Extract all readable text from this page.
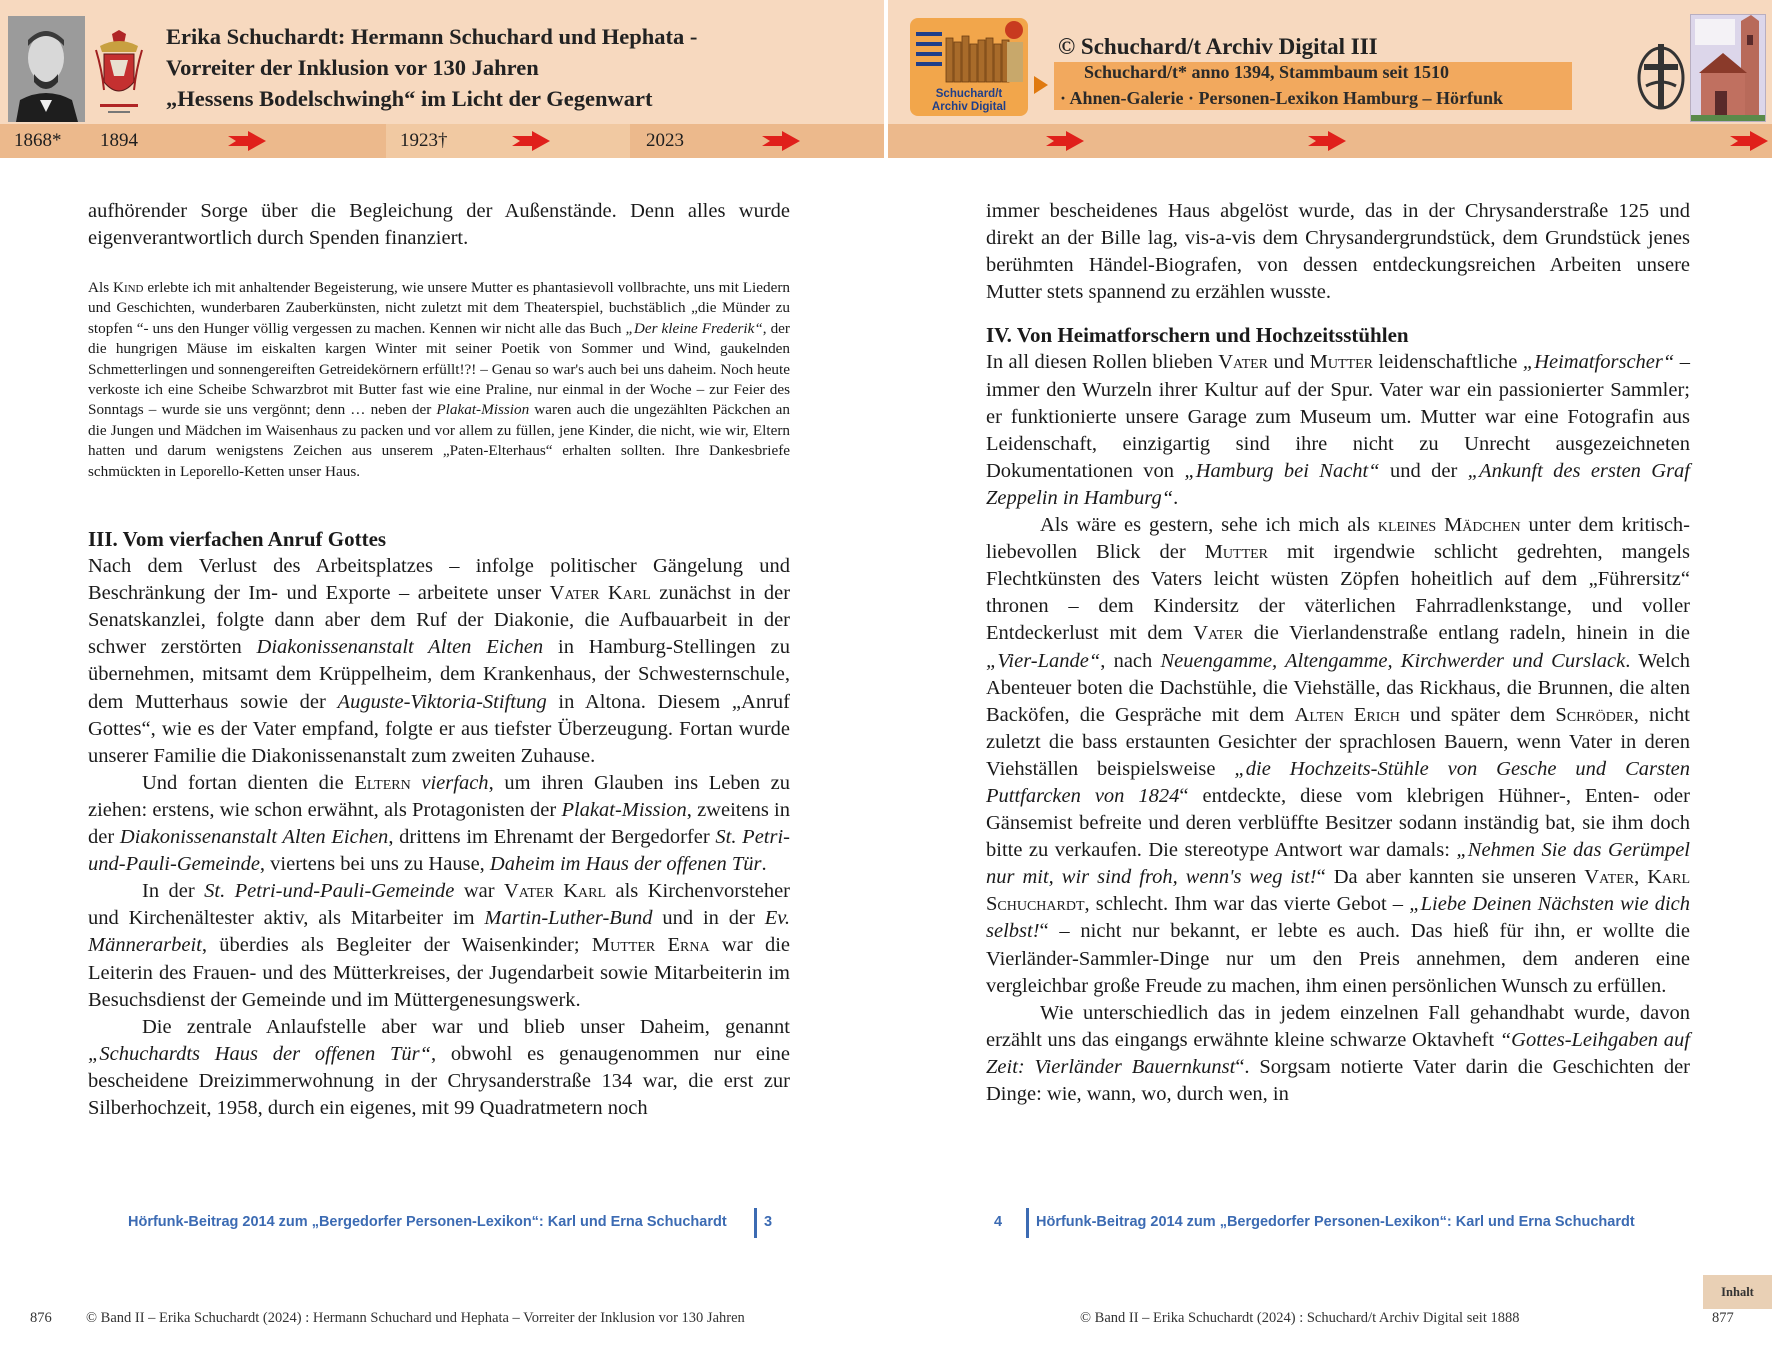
Erika Schuchardt: Hermann Schuchard und Hephata -
Vorreiter der Inklusion vor 130 Jahren
„Hessens Bodelschwingh“ im Licht der Gegenwart
1868* 1894	1923†	2023
Schuchard/t
Archiv Digital
© Schuchard/t Archiv Digital III
Schuchard/t* anno 1394, Stammbaum seit 1510
· Ahnen-Galerie · Personen-Lexikon Hamburg – Hörfunk

aufhörender Sorge über die Begleichung der Außenstände. Denn alles wurde eigenverantwortlich durch Spenden finanziert.

Als Kind erlebte ich mit anhaltender Begeisterung, wie unsere Mutter es phantasievoll vollbrachte, uns mit Liedern und Geschichten, wunderbaren Zauberkünsten, nicht zuletzt mit dem Theaterspiel, buchstäblich „die Münder zu stopfen “- uns den Hunger völlig vergessen zu machen. Kennen wir nicht alle das Buch „Der kleine Frederik“, der die hungrigen Mäuse im eiskalten kargen Winter mit seiner Poetik von Sommer und Wind, gaukelnden Schmetterlingen und sonnengereiften Getreidekörnern erfüllt!?! – Genau so war's auch bei uns daheim. Noch heute verkoste ich eine Scheibe Schwarzbrot mit Butter fast wie eine Praline, nur einmal in der Woche – zur Feier des Sonntags – wurde sie uns vergönnt; denn … neben der Plakat-Mission waren auch die ungezählten Päckchen an die Jungen und Mädchen im Waisenhaus zu packen und vor allem zu füllen, jene Kinder, die nicht, wie wir, Eltern hatten und darum wenigstens Zeichen aus unserem „Paten-Elterhaus“ erhalten sollten. Ihre Dankesbriefe schmückten in Leporello-Ketten unser Haus.

III. Vom vierfachen Anruf Gottes

Nach dem Verlust des Arbeitsplatzes – infolge politischer Gängelung und Beschränkung der Im- und Exporte – arbeitete unser Vater Karl zunächst in der Senatskanzlei, folgte dann aber dem Ruf der Diakonie, die Aufbauarbeit in der schwer zerstörten Diakonissenanstalt Alten Eichen in Hamburg-Stellingen zu übernehmen, mitsamt dem Krüppelheim, dem Krankenhaus, der Schwesternschule, dem Mutterhaus sowie der Auguste-Viktoria-Stiftung in Altona. Diesem „Anruf Gottes“, wie es der Vater empfand, folgte er aus tiefster Überzeugung. Fortan wurde unserer Familie die Diakonissenanstalt zum zweiten Zuhause.

Und fortan dienten die Eltern vierfach, um ihren Glauben ins Leben zu ziehen: erstens, wie schon erwähnt, als Protagonisten der Plakat-Mission, zweitens in der Diakonissenanstalt Alten Eichen, drittens im Ehrenamt der Bergedorfer St. Petri-und-Pauli-Gemeinde, viertens bei uns zu Hause, Daheim im Haus der offenen Tür.

In der St. Petri-und-Pauli-Gemeinde war Vater Karl als Kirchenvorsteher und Kirchenältester aktiv, als Mitarbeiter im Martin-Luther-Bund und in der Ev. Männerarbeit, überdies als Begleiter der Waisenkinder; Mutter Erna war die Leiterin des Frauen- und des Mütterkreises, der Jugendarbeit sowie Mitarbeiterin im Besuchsdienst der Gemeinde und im Müttergenesungswerk.

Die zentrale Anlaufstelle aber war und blieb unser Daheim, genannt „Schuchardts Haus der offenen Tür“, obwohl es genaugenommen nur eine bescheidene Dreizimmerwohnung in der Chrysanderstraße 134 war, die erst zur Silberhochzeit, 1958, durch ein eigenes, mit 99 Quadratmetern noch

Hörfunk-Beitrag 2014 zum „Bergedorfer Personen-Lexikon“: Karl und Erna Schuchardt	3

immer bescheidenes Haus abgelöst wurde, das in der Chrysanderstraße 125 und direkt an der Bille lag, vis-a-vis dem Chrysandergrundstück, dem Grundstück jenes berühmten Händel-Biografen, von dessen entdeckungsreichen Arbeiten unsere Mutter stets spannend zu erzählen wusste.

IV. Von Heimatforschern und Hochzeitsstühlen

In all diesen Rollen blieben Vater und Mutter leidenschaftliche „Heimatforscher“ – immer den Wurzeln ihrer Kultur auf der Spur. Vater war ein passionierter Sammler; er funktionierte unsere Garage zum Museum um. Mutter war eine Fotografin aus Leidenschaft, einzigartig sind ihre nicht zu Unrecht ausgezeichneten Dokumentationen von „Hamburg bei Nacht“ und der „Ankunft des ersten Graf Zeppelin in Hamburg“.

Als wäre es gestern, sehe ich mich als kleines Mädchen unter dem kritisch-liebevollen Blick der Mutter mit irgendwie schlicht gedrehten, mangels Flechtkünsten des Vaters leicht wüsten Zöpfen hoheitlich auf dem „Führersitz“ thronen – dem Kindersitz der väterlichen Fahrradlenkstange, und voller Entdeckerlust mit dem Vater die Vierlandenstraße entlang radeln, hinein in die „Vier-Lande“, nach Neuengamme, Altengamme, Kirchwerder und Curslack. Welch Abenteuer boten die Dachstühle, die Viehställe, das Rickhaus, die Brunnen, die alten Backöfen, die Gespräche mit dem Alten Erich und später dem Schröder, nicht zuletzt die bass erstaunten Gesichter der sprachlosen Bauern, wenn Vater in deren Viehställen beispielsweise „die Hochzeits-Stühle von Gesche und Carsten Puttfarcken von 1824“ entdeckte, diese vom klebrigen Hühner-, Enten- oder Gänsemist befreite und deren verblüffte Besitzer sodann inständig bat, sie ihm doch bitte zu verkaufen. Die stereotype Antwort war damals: „Nehmen Sie das Gerümpel nur mit, wir sind froh, wenn's weg ist!“ Da aber kannten sie unseren Vater, Karl Schuchardt, schlecht. Ihm war das vierte Gebot – „Liebe Deinen Nächsten wie dich selbst!“ – nicht nur bekannt, er lebte es auch. Das hieß für ihn, er wollte die Vierländer-Sammler-Dinge nur um den Preis annehmen, dem anderen eine vergleichbar große Freude zu machen, ihm einen persönlichen Wunsch zu erfüllen.

Wie unterschiedlich das in jedem einzelnen Fall gehandhabt wurde, davon erzählt uns das eingangs erwähnte kleine schwarze Oktavheft “Gottes-Leihgaben auf Zeit: Vierländer Bauernkunst“. Sorgsam notierte Vater darin die Geschichten der Dinge: wie, wann, wo, durch wen, in

4 Hörfunk-Beitrag 2014 zum „Bergedorfer Personen-Lexikon“: Karl und Erna Schuchardt
Inhalt
876 © Band II – Erika Schuchardt (2024) : Hermann Schuchard und Hephata – Vorreiter der Inklusion vor 130 Jahren	© Band II – Erika Schuchardt (2024) : Schuchard/t Archiv Digital seit 1888	877
